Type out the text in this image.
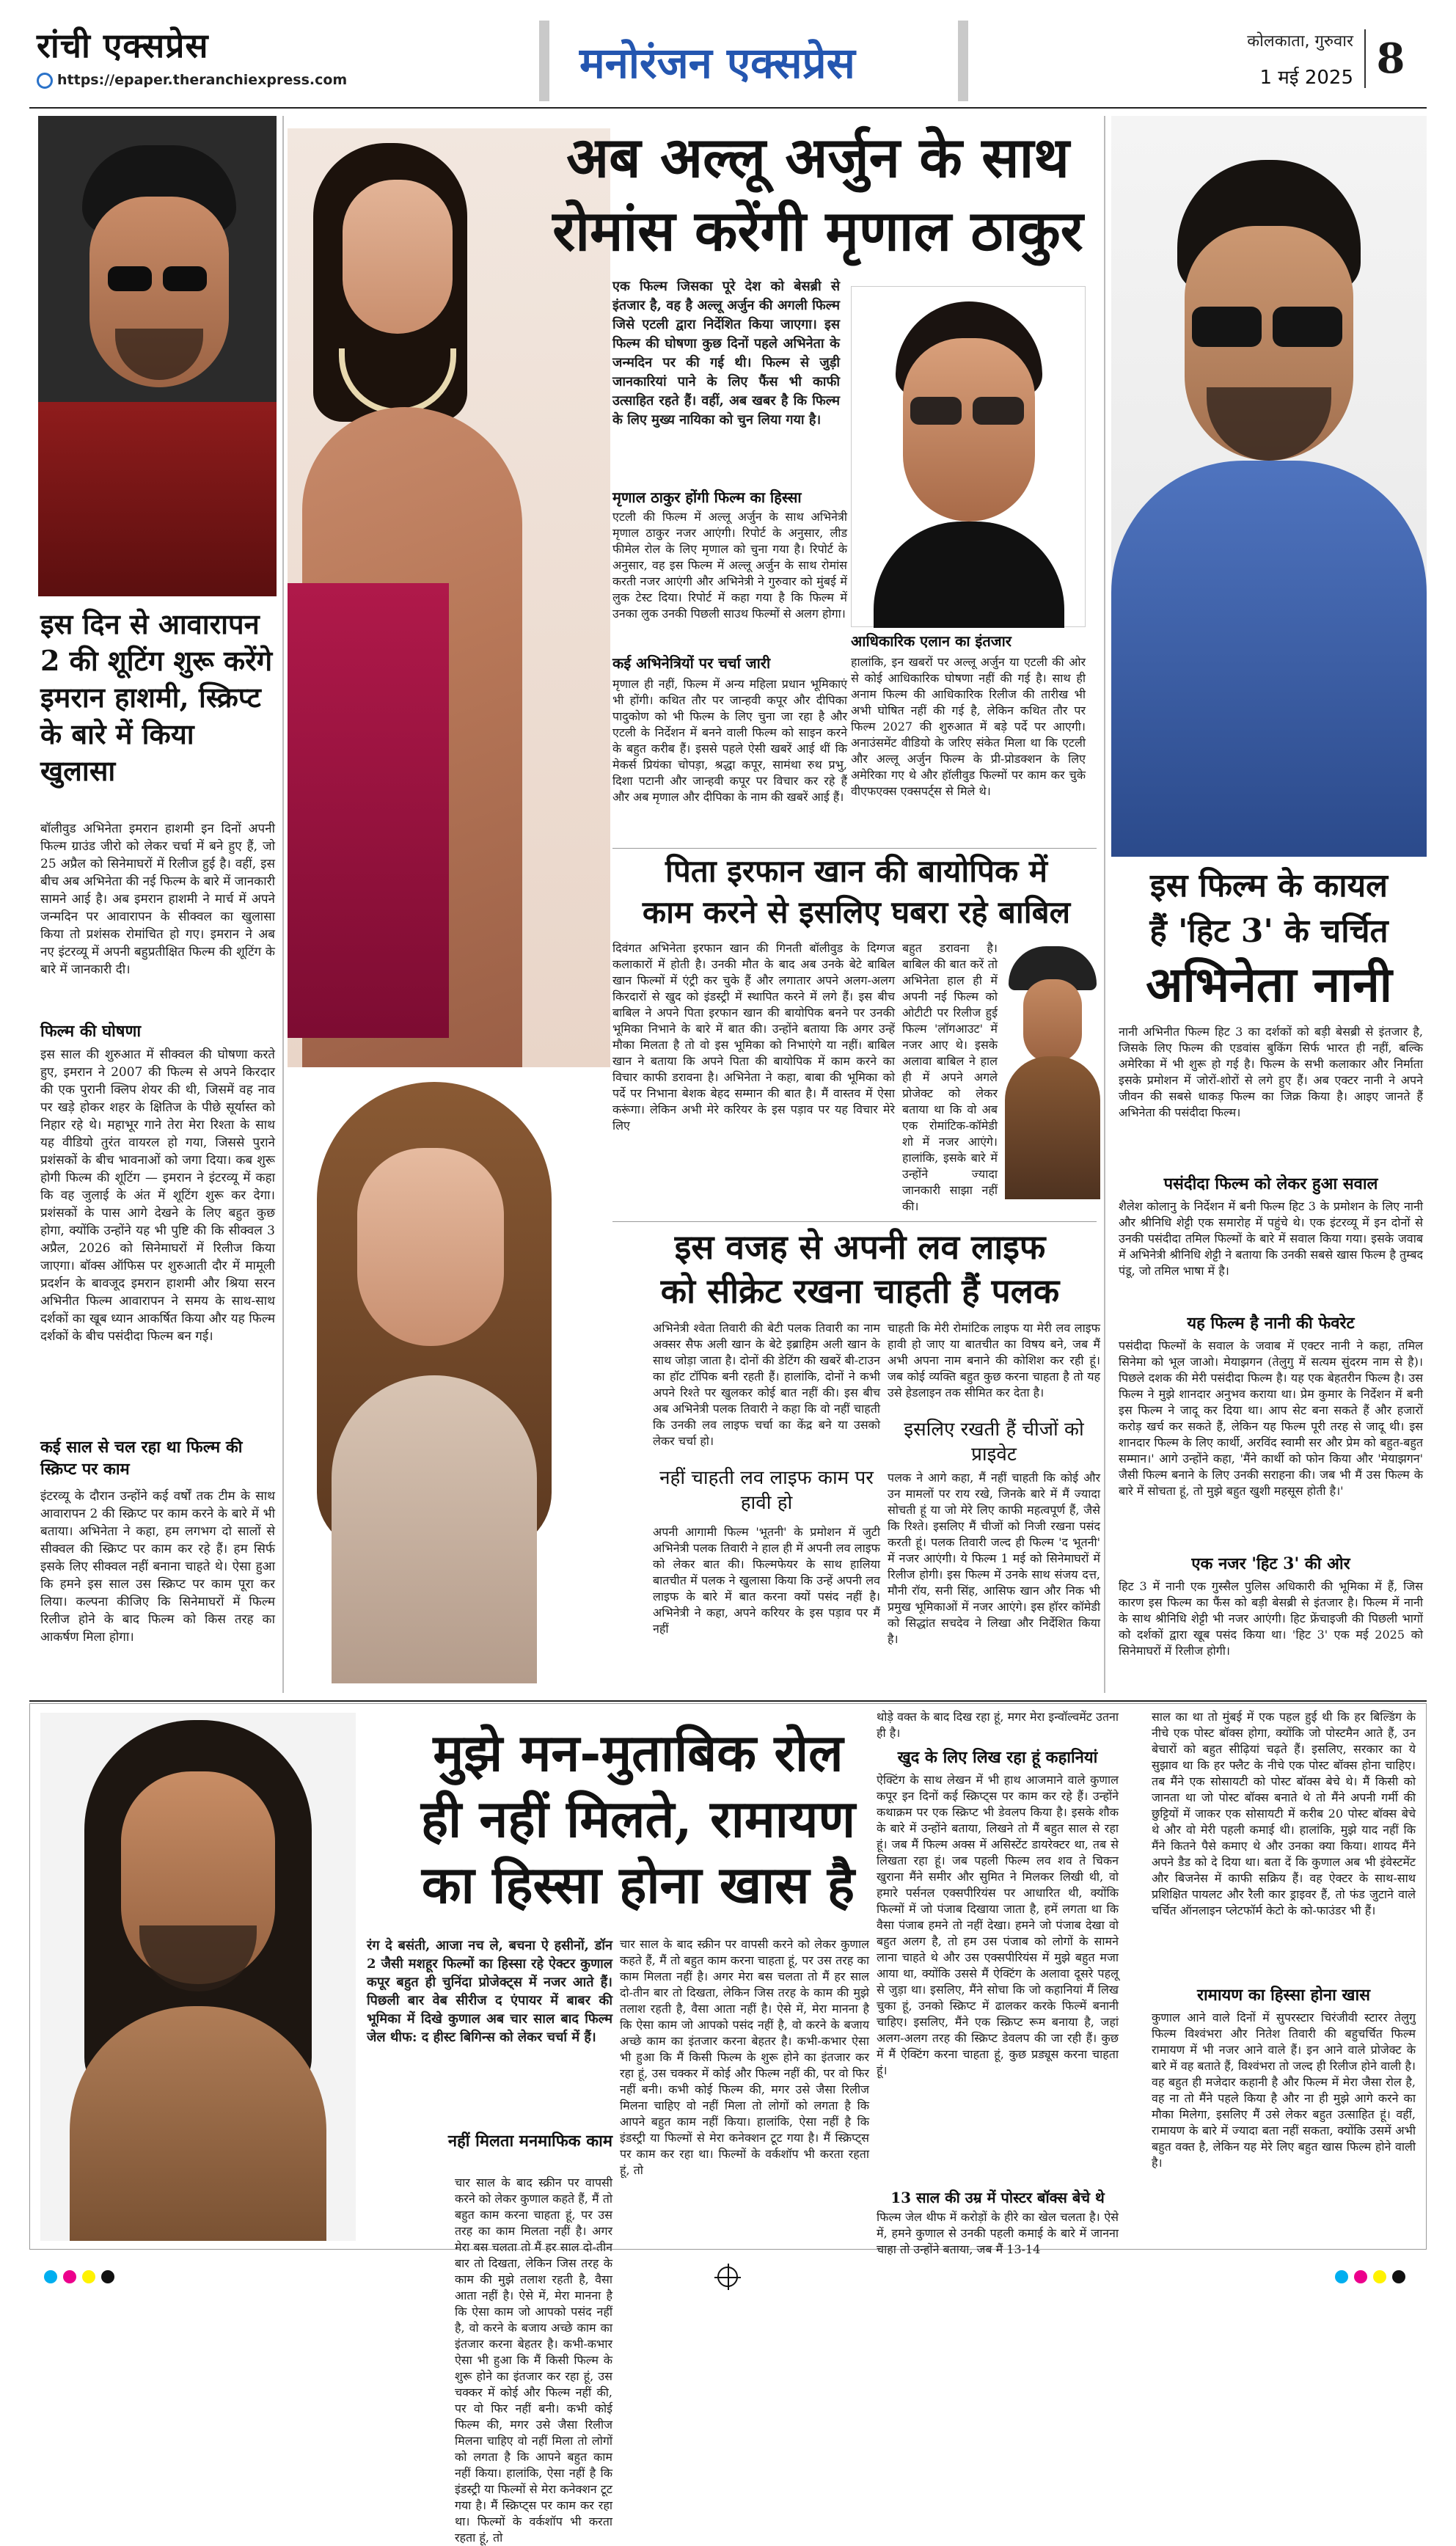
रांची एक्सप्रेस
https://epaper.theranchiexpress.com	मनोरंजन एक्सप्रेस	कोलकाता, गुरुवार
1 मई 2025 8
इस दिन से आवारापन 2 की शूटिंग शुरू करेंगे इमरान हाशमी, स्क्रिप्ट के बारे में किया खुलासा
बॉलीवुड अभिनेता इमरान हाशमी इन दिनों अपनी फिल्म ग्राउंड जीरो को लेकर चर्चा में बने हुए हैं, जो 25 अप्रैल को सिनेमाघरों में रिलीज हुई है। वहीं, इस बीच अब अभिनेता की नई फिल्म के बारे में जानकारी सामने आई है। अब इमरान हाशमी ने मार्च में अपने जन्मदिन पर आवारापन के सीक्वल का खुलासा किया तो प्रशंसक रोमांचित हो गए। इमरान ने अब नए इंटरव्यू में अपनी बहुप्रतीक्षित फिल्म की शूटिंग के बारे में जानकारी दी।
फिल्म की घोषणा
इस साल की शुरुआत में सीक्वल की घोषणा करते हुए, इमरान ने 2007 की फिल्म से अपने किरदार की एक पुरानी क्लिप शेयर की थी, जिसमें वह नाव पर खड़े होकर शहर के क्षितिज के पीछे सूर्यास्त को निहार रहे थे। महाभूर गाने तेरा मेरा रिश्ता के साथ यह वीडियो तुरंत वायरल हो गया, जिससे पुराने प्रशंसकों के बीच भावनाओं को जगा दिया। कब शुरू होगी फिल्म की शूटिंग — इमरान ने इंटरव्यू में कहा कि वह जुलाई के अंत में शूटिंग शुरू कर देगा। प्रशंसकों के पास आगे देखने के लिए बहुत कुछ होगा, क्योंकि उन्होंने यह भी पुष्टि की कि सीक्वल 3 अप्रैल, 2026 को सिनेमाघरों में रिलीज किया जाएगा। बॉक्स ऑफिस पर शुरुआती दौर में मामूली प्रदर्शन के बावजूद इमरान हाशमी और श्रिया सरन अभिनीत फिल्म आवारापन ने समय के साथ-साथ दर्शकों का खूब ध्यान आकर्षित किया और यह फिल्म दर्शकों के बीच पसंदीदा फिल्म बन गई।
कई साल से चल रहा था फिल्म की स्क्रिप्ट पर काम
इंटरव्यू के दौरान उन्होंने कई वर्षों तक टीम के साथ आवारापन 2 की स्क्रिप्ट पर काम करने के बारे में भी बताया। अभिनेता ने कहा, हम लगभग दो सालों से सीक्वल की स्क्रिप्ट पर काम कर रहे हैं। हम सिर्फ इसके लिए सीक्वल नहीं बनाना चाहते थे। ऐसा हुआ कि हमने इस साल उस स्क्रिप्ट पर काम पूरा कर लिया। कल्पना कीजिए कि सिनेमाघरों में फिल्म रिलीज होने के बाद फिल्म को किस तरह का आकर्षण मिला होगा।
अब अल्लू अर्जुन के साथ
रोमांस करेंगी मृणाल ठाकुर
एक फिल्म जिसका पूरे देश को बेसब्री से इंतजार है, वह है अल्लू अर्जुन की अगली फिल्म जिसे एटली द्वारा निर्देशित किया जाएगा। इस फिल्म की घोषणा कुछ दिनों पहले अभिनेता के जन्मदिन पर की गई थी। फिल्म से जुड़ी जानकारियां पाने के लिए फैंस भी काफी उत्साहित रहते हैं। वहीं, अब खबर है कि फिल्म के लिए मुख्य नायिका को चुन लिया गया है।
मृणाल ठाकुर होंगी फिल्म का हिस्सा
एटली की फिल्म में अल्लू अर्जुन के साथ अभिनेत्री मृणाल ठाकुर नजर आएंगी। रिपोर्ट के अनुसार, लीड फीमेल रोल के लिए मृणाल को चुना गया है। रिपोर्ट के अनुसार, वह इस फिल्म में अल्लू अर्जुन के साथ रोमांस करती नजर आएंगी और अभिनेत्री ने गुरुवार को मुंबई में लुक टेस्ट दिया। रिपोर्ट में कहा गया है कि फिल्म में उनका लुक उनकी पिछली साउथ फिल्मों से अलग होगा।
कई अभिनेत्रियों पर चर्चा जारी
मृणाल ही नहीं, फिल्म में अन्य महिला प्रधान भूमिकाएं भी होंगी। कथित तौर पर जान्हवी कपूर और दीपिका पादुकोण को भी फिल्म के लिए चुना जा रहा है और एटली के निर्देशन में बनने वाली फिल्म को साइन करने के बहुत करीब हैं। इससे पहले ऐसी खबरें आई थीं कि मेकर्स प्रियंका चोपड़ा, श्रद्धा कपूर, सामंथा रुथ प्रभु, दिशा पटानी और जान्हवी कपूर पर विचार कर रहे हैं और अब मृणाल और दीपिका के नाम की खबरें आई हैं।
आधिकारिक एलान का इंतजार
हालांकि, इन खबरों पर अल्लू अर्जुन या एटली की ओर से कोई आधिकारिक घोषणा नहीं की गई है। साथ ही अनाम फिल्म की आधिकारिक रिलीज की तारीख भी अभी घोषित नहीं की गई है, लेकिन कथित तौर पर फिल्म 2027 की शुरुआत में बड़े पर्दे पर आएगी। अनाउंसमेंट वीडियो के जरिए संकेत मिला था कि एटली और अल्लू अर्जुन फिल्म के प्री-प्रोडक्शन के लिए अमेरिका गए थे और हॉलीवुड फिल्मों पर काम कर चुके वीएफएक्स एक्सपर्ट्स से मिले थे।
पिता इरफान खान की बायोपिक में
काम करने से इसलिए घबरा रहे बाबिल
दिवंगत अभिनेता इरफान खान की गिनती बॉलीवुड के दिग्गज कलाकारों में होती है। उनकी मौत के बाद अब उनके बेटे बाबिल खान फिल्मों में एंट्री कर चुके हैं और लगातार अपने अलग-अलग किरदारों से खुद को इंडस्ट्री में स्थापित करने में लगे हैं। इस बीच बाबिल ने अपने पिता इरफान खान की बायोपिक बनने पर उनकी भूमिका निभाने के बारे में बात की। उन्होंने बताया कि अगर उन्हें मौका मिलता है तो वो इस भूमिका को निभाएंगे या नहीं। बाबिल खान ने बताया कि अपने पिता की बायोपिक में काम करने का विचार काफी डरावना है। अभिनेता ने कहा, बाबा की भूमिका को पर्दे पर निभाना बेशक बेहद सम्मान की बात है। मैं वास्तव में ऐसा करूंगा। लेकिन अभी मेरे करियर के इस पड़ाव पर यह विचार मेरे लिए
बहुत डरावना है। बाबिल की बात करें तो अभिनेता हाल ही में अपनी नई फिल्म को ओटीटी पर रिलीज हुई फिल्म 'लॉगआउट' में नजर आए थे। इसके अलावा बाबिल ने हाल ही में अपने अगले प्रोजेक्ट को लेकर बताया था कि वो अब एक रोमांटिक-कॉमेडी शो में नजर आएंगे। हालांकि, इसके बारे में उन्होंने ज्यादा जानकारी साझा नहीं की।
इस वजह से अपनी लव लाइफ
को सीक्रेट रखना चाहती हैं पलक
अभिनेत्री श्वेता तिवारी की बेटी पलक तिवारी का नाम अक्सर सैफ अली खान के बेटे इब्राहिम अली खान के साथ जोड़ा जाता है। दोनों की डेटिंग की खबरें बी-टाउन का हॉट टॉपिक बनी रहती हैं। हालांकि, दोनों ने कभी अपने रिश्ते पर खुलकर कोई बात नहीं की। इस बीच अब अभिनेत्री पलक तिवारी ने कहा कि वो नहीं चाहती कि उनकी लव लाइफ चर्चा का केंद्र बने या उसको लेकर चर्चा हो।
नहीं चाहती लव लाइफ काम पर हावी हो
अपनी आगामी फिल्म 'भूतनी' के प्रमोशन में जुटी अभिनेत्री पलक तिवारी ने हाल ही में अपनी लव लाइफ को लेकर बात की। फिल्मफेयर के साथ हालिया बातचीत में पलक ने खुलासा किया कि उन्हें अपनी लव लाइफ के बारे में बात करना क्यों पसंद नहीं है। अभिनेत्री ने कहा, अपने करियर के इस पड़ाव पर मैं नहीं
चाहती कि मेरी रोमांटिक लाइफ या मेरी लव लाइफ हावी हो जाए या बातचीत का विषय बने, जब मैं अभी अपना नाम बनाने की कोशिश कर रही हूं। जब कोई व्यक्ति बहुत कुछ करना चाहता है तो यह उसे हेडलाइन तक सीमित कर देता है।
इसलिए रखती हैं चीजों को प्राइवेट
पलक ने आगे कहा, मैं नहीं चाहती कि कोई और उन मामलों पर राय रखे, जिनके बारे में मैं ज्यादा सोचती हूं या जो मेरे लिए काफी महत्वपूर्ण हैं, जैसे कि रिश्ते। इसलिए मैं चीजों को निजी रखना पसंद करती हूं। पलक तिवारी जल्द ही फिल्म 'द भूतनी' में नजर आएंगी। ये फिल्म 1 मई को सिनेमाघरों में रिलीज होगी। इस फिल्म में उनके साथ संजय दत्त, मौनी रॉय, सनी सिंह, आसिफ खान और निक भी प्रमुख भूमिकाओं में नजर आएंगे। इस हॉरर कॉमेडी को सिद्धांत सचदेव ने लिखा और निर्देशित किया है।
इस फिल्म के कायल
हैं 'हिट 3' के चर्चित
अभिनेता नानी
नानी अभिनीत फिल्म हिट 3 का दर्शकों को बड़ी बेसब्री से इंतजार है, जिसके लिए फिल्म की एडवांस बुकिंग सिर्फ भारत ही नहीं, बल्कि अमेरिका में भी शुरू हो गई है। फिल्म के सभी कलाकार और निर्माता इसके प्रमोशन में जोरों-शोरों से लगे हुए हैं। अब एक्टर नानी ने अपने जीवन की सबसे धाकड़ फिल्म का जिक्र किया है। आइए जानते हैं अभिनेता की पसंदीदा फिल्म।
पसंदीदा फिल्म को लेकर हुआ सवाल
शैलेश कोलानु के निर्देशन में बनी फिल्म हिट 3 के प्रमोशन के लिए नानी और श्रीनिधि शेट्टी एक समारोह में पहुंचे थे। एक इंटरव्यू में इन दोनों से उनकी पसंदीदा तमिल फिल्मों के बारे में सवाल किया गया। इसके जवाब में अभिनेत्री श्रीनिधि शेट्टी ने बताया कि उनकी सबसे खास फिल्म है तुम्बद पंडू, जो तमिल भाषा में है।
यह फिल्म है नानी की फेवरेट
पसंदीदा फिल्मों के सवाल के जवाब में एक्टर नानी ने कहा, तमिल सिनेमा को भूल जाओ। मेयाझगन (तेलुगु में सत्यम सुंदरम नाम से है)। पिछले दशक की मेरी पसंदीदा फिल्म है। यह एक बेहतरीन फिल्म है। उस फिल्म ने मुझे शानदार अनुभव कराया था। प्रेम कुमार के निर्देशन में बनी इस फिल्म ने जादू कर दिया था। आप सेट बना सकते हैं और हजारों करोड़ खर्च कर सकते हैं, लेकिन यह फिल्म पूरी तरह से जादू थी। इस शानदार फिल्म के लिए कार्थी, अरविंद स्वामी सर और प्रेम को बहुत-बहुत सम्मान।' आगे उन्होंने कहा, 'मैंने कार्थी को फोन किया और 'मेयाझगन' जैसी फिल्म बनाने के लिए उनकी सराहना की। जब भी मैं उस फिल्म के बारे में सोचता हूं, तो मुझे बहुत खुशी महसूस होती है।'
एक नजर 'हिट 3' की ओर
हिट 3 में नानी एक गुस्सैल पुलिस अधिकारी की भूमिका में हैं, जिस कारण इस फिल्म का फैंस को बड़ी बेसब्री से इंतजार है। फिल्म में नानी के साथ श्रीनिधि शेट्टी भी नजर आएंगी। हिट फ्रेंचाइजी की पिछली भागों को दर्शकों द्वारा खूब पसंद किया था। 'हिट 3' एक मई 2025 को सिनेमाघरों में रिलीज होगी।
मुझे मन-मुताबिक रोल
ही नहीं मिलते, रामायण
का हिस्सा होना खास है
रंग दे बसंती, आजा नच ले, बचना ऐ हसीनों, डॉन 2 जैसी मशहूर फिल्मों का हिस्सा रहे ऐक्टर कुणाल कपूर बहुत ही चुनिंदा प्रोजेक्ट्स में नजर आते हैं। पिछली बार वेब सीरीज द एंपायर में बाबर की भूमिका में दिखे कुणाल अब चार साल बाद फिल्म जेल थीफ: द हीस्ट बिगिन्स को लेकर चर्चा में हैं।
नहीं मिलता मनमाफिक काम
चार साल के बाद स्क्रीन पर वापसी करने को लेकर कुणाल कहते हैं, मैं तो बहुत काम करना चाहता हूं, पर उस तरह का काम मिलता नहीं है। अगर मेरा बस चलता तो मैं हर साल दो-तीन बार तो दिखता, लेकिन जिस तरह के काम की मुझे तलाश रहती है, वैसा आता नहीं है। ऐसे में, मेरा मानना है कि ऐसा काम जो आपको पसंद नहीं है, वो करने के बजाय अच्छे काम का इंतजार करना बेहतर है। कभी-कभार ऐसा भी हुआ कि मैं किसी फिल्म के शुरू होने का इंतजार कर रहा हूं, उस चक्कर में कोई और फिल्म नहीं की, पर वो फिर नहीं बनी। कभी कोई फिल्म की, मगर उसे जैसा रिलीज मिलना चाहिए वो नहीं मिला तो लोगों को लगता है कि आपने बहुत काम नहीं किया। हालांकि, ऐसा नहीं है कि इंडस्ट्री या फिल्मों से मेरा कनेक्शन टूट गया है। मैं स्क्रिप्ट्स पर काम कर रहा था। फिल्मों के वर्कशॉप भी करता रहता हूं, तो
चार साल के बाद स्क्रीन पर वापसी करने को लेकर कुणाल कहते हैं, मैं तो बहुत काम करना चाहता हूं, पर उस तरह का काम मिलता नहीं है। अगर मेरा बस चलता तो मैं हर साल दो-तीन बार तो दिखता, लेकिन जिस तरह के काम की मुझे तलाश रहती है, वैसा आता नहीं है। ऐसे में, मेरा मानना है कि ऐसा काम जो आपको पसंद नहीं है, वो करने के बजाय अच्छे काम का इंतजार करना बेहतर है। कभी-कभार ऐसा भी हुआ कि मैं किसी फिल्म के शुरू होने का इंतजार कर रहा हूं, उस चक्कर में कोई और फिल्म नहीं की, पर वो फिर नहीं बनी। कभी कोई फिल्म की, मगर उसे जैसा रिलीज मिलना चाहिए वो नहीं मिला तो लोगों को लगता है कि आपने बहुत काम नहीं किया। हालांकि, ऐसा नहीं है कि इंडस्ट्री या फिल्मों से मेरा कनेक्शन टूट गया है। मैं स्क्रिप्ट्स पर काम कर रहा था। फिल्मों के वर्कशॉप भी करता रहता हूं, तो
थोड़े वक्त के बाद दिख रहा हूं, मगर मेरा इन्वॉल्वमेंट उतना ही है।
खुद के लिए लिख रहा हूं कहानियां
ऐक्टिंग के साथ लेखन में भी हाथ आजमाने वाले कुणाल कपूर इन दिनों कई स्क्रिप्ट्स पर काम कर रहे हैं। उन्होंने कथाक्रम पर एक स्क्रिप्ट भी डेवलप किया है। इसके शौक के बारे में उन्होंने बताया, लिखने तो मैं बहुत साल से रहा हूं। जब मैं फिल्म अक्स में असिस्टेंट डायरेक्टर था, तब से लिखता रहा हूं। जब पहली फिल्म लव शव ते चिकन खुराना मैंने समीर और सुमित ने मिलकर लिखी थी, वो हमारे पर्सनल एक्सपीरियंस पर आधारित थी, क्योंकि फिल्मों में जो पंजाब दिखाया जाता है, हमें लगता था कि वैसा पंजाब हमने तो नहीं देखा। हमने जो पंजाब देखा वो बहुत अलग है, तो हम उस पंजाब को लोगों के सामने लाना चाहते थे और उस एक्सपीरियंस में मुझे बहुत मजा आया था, क्योंकि उससे मैं ऐक्टिंग के अलावा दूसरे पहलू से जुड़ा था। इसलिए, मैंने सोचा कि जो कहानियां मैं लिख चुका हूं, उनको स्क्रिप्ट में ढालकर करके फिल्में बनानी चाहिए। इसलिए, मैंने एक स्क्रिप्ट रूम बनाया है, जहां अलग-अलग तरह की स्क्रिप्ट डेवलप की जा रही हैं। कुछ में मैं ऐक्टिंग करना चाहता हूं, कुछ प्रड्यूस करना चाहता हूं।
13 साल की उम्र में पोस्टर बॉक्स बेचे थे
फिल्म जेल थीफ में करोड़ों के हीरे का खेल चलता है। ऐसे में, हमने कुणाल से उनकी पहली कमाई के बारे में जानना चाहा तो उन्होंने बताया, जब मैं 13-14
साल का था तो मुंबई में एक पहल हुई थी कि हर बिल्डिंग के नीचे एक पोस्ट बॉक्स होगा, क्योंकि जो पोस्टमैन आते हैं, उन बेचारों को बहुत सीढ़ियां चढ़ते हैं। इसलिए, सरकार का ये सुझाव था कि हर फ्लैट के नीचे एक पोस्ट बॉक्स होना चाहिए। तब मैंने एक सोसायटी को पोस्ट बॉक्स बेचे थे। मैं किसी को जानता था जो पोस्ट बॉक्स बनाते थे तो मैंने अपनी गर्मी की छुट्टियों में जाकर एक सोसायटी में करीब 20 पोस्ट बॉक्स बेचे थे और वो मेरी पहली कमाई थी। हालांकि, मुझे याद नहीं कि मैंने कितने पैसे कमाए थे और उनका क्या किया। शायद मैंने अपने डैड को दे दिया था। बता दें कि कुणाल अब भी इंवेस्टमेंट और बिजनेस में काफी सक्रिय हैं। वह ऐक्टर के साथ-साथ प्रशिक्षित पायलट और रैली कार ड्राइवर हैं, तो फंड जुटाने वाले चर्चित ऑनलाइन प्लेटफॉर्म केटो के को-फाउंडर भी हैं।
रामायण का हिस्सा होना खास
कुणाल आने वाले दिनों में सुपरस्टार चिरंजीवी स्टारर तेलुगु फिल्म विश्वंभरा और नितेश तिवारी की बहुचर्चित फिल्म रामायण में भी नजर आने वाले हैं। इन आने वाले प्रोजेक्ट के बारे में वह बताते हैं, विश्वंभरा तो जल्द ही रिलीज होने वाली है। वह बहुत ही मजेदार कहानी है और फिल्म में मेरा जैसा रोल है, वह ना तो मैंने पहले किया है और ना ही मुझे आगे करने का मौका मिलेगा, इसलिए मैं उसे लेकर बहुत उत्साहित हूं। वहीं, रामायण के बारे में ज्यादा बता नहीं सकता, क्योंकि उसमें अभी बहुत वक्त है, लेकिन यह मेरे लिए बहुत खास फिल्म होने वाली है।
